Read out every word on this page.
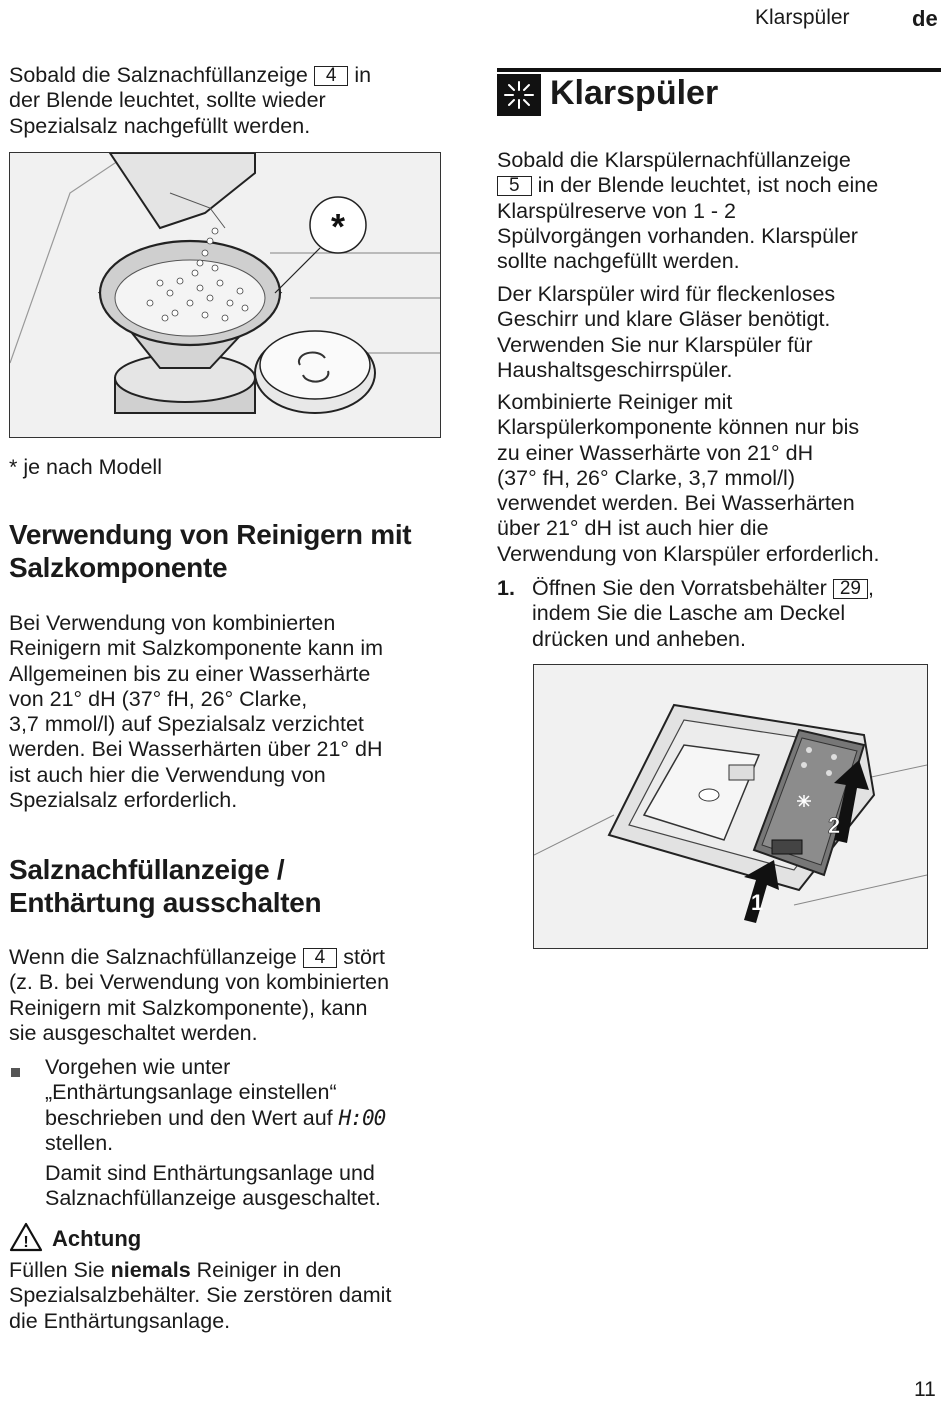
Klarspüler	de
Sobald die Salznachfüllanzeige 4 in
der Blende leuchtet, sollte wieder
Spezialsalz nachgefüllt werden.
*
* je nach Modell
Verwendung von Reinigern mit
Salzkomponente
Bei Verwendung von kombinierten
Reinigern mit Salzkomponente kann im
Allgemeinen bis zu einer Wasserhärte
von 21° dH (37° fH, 26° Clarke,
3,7 mmol/l) auf Spezialsalz verzichtet
werden. Bei Wasserhärten über 21° dH
ist auch hier die Verwendung von
Spezialsalz erforderlich.
Salznachfüllanzeige /
Enthärtung ausschalten
Wenn die Salznachfüllanzeige 4 stört
(z. B. bei Verwendung von kombinierten
Reinigern mit Salzkomponente), kann
sie ausgeschaltet werden.
Vorgehen wie unter
„Enthärtungsanlage einstellen“
beschrieben und den Wert auf H:00
stellen.
Damit sind Enthärtungsanlage und
Salznachfüllanzeige ausgeschaltet.
! Achtung
Füllen Sie niemals Reiniger in den
Spezialsalzbehälter. Sie zerstören damit
die Enthärtungsanlage.
Klarspüler
Sobald die Klarspülernachfüllanzeige
5 in der Blende leuchtet, ist noch eine
Klarspülreserve von 1 - 2
Spülvorgängen vorhanden. Klarspüler
sollte nachgefüllt werden.
Der Klarspüler wird für fleckenloses
Geschirr und klare Gläser benötigt.
Verwenden Sie nur Klarspüler für
Haushaltsgeschirrspüler.
Kombinierte Reiniger mit
Klarspülerkomponente können nur bis
zu einer Wasserhärte von 21° dH
(37° fH, 26° Clarke, 3,7 mmol/l)
verwendet werden. Bei Wasserhärten
über 21° dH ist auch hier die
Verwendung von Klarspüler erforderlich.
1. Öffnen Sie den Vorratsbehälter 29 ,
indem Sie die Lasche am Deckel
drücken und anheben.
2
1
11
